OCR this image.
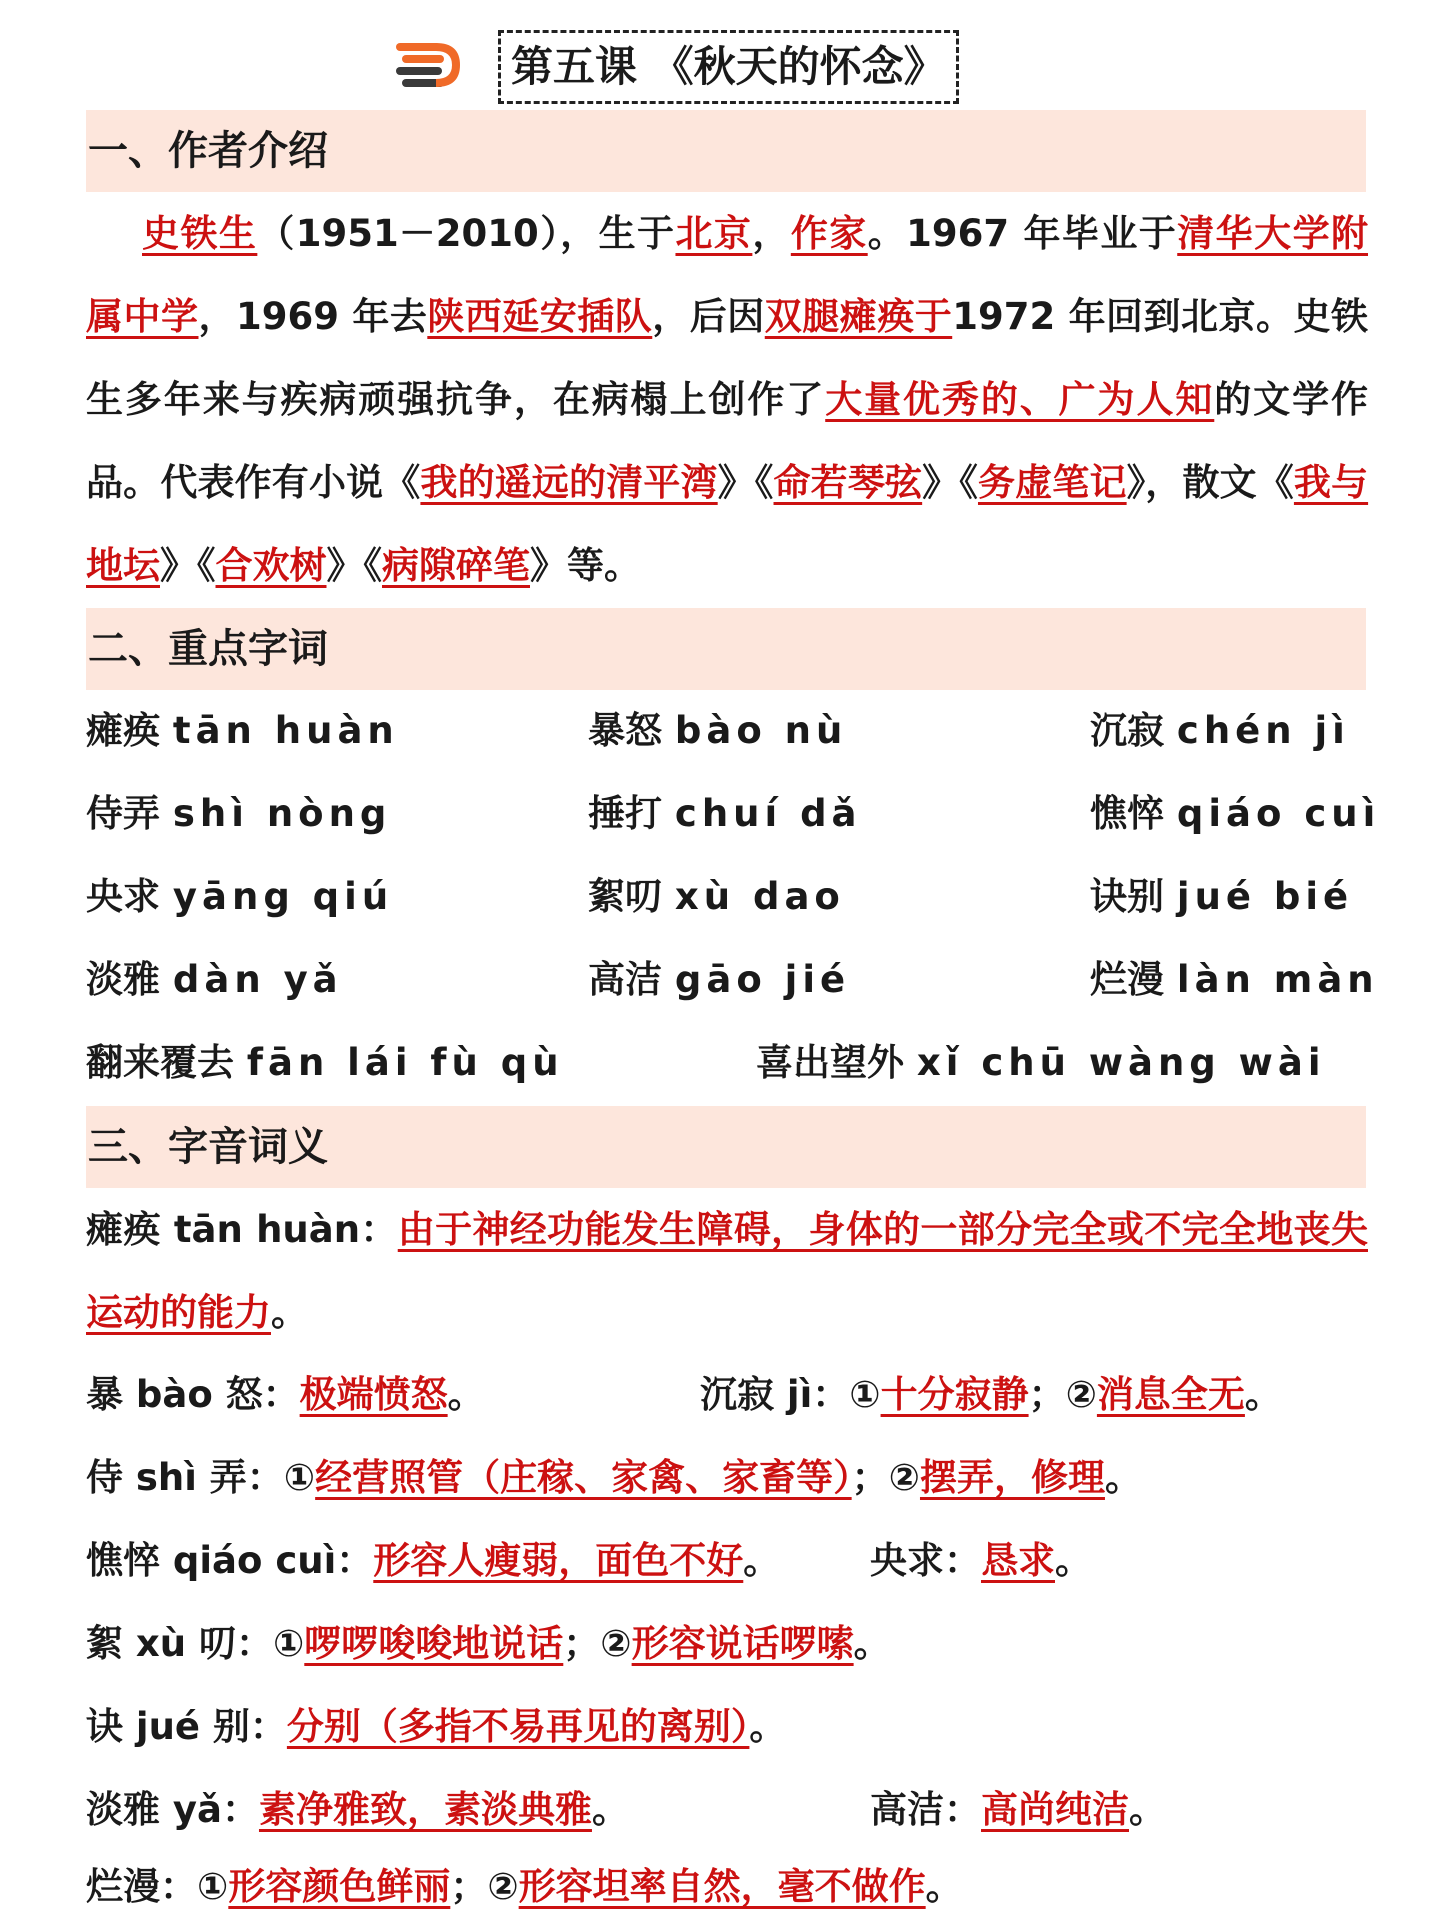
第五课 《秋天的怀念》
一、作者介绍
史铁生（1951－2010），生于北京，作家。1967 年毕业于清华大学附属中学，1969 年去陕西延安插队，后因双腿瘫痪于1972 年回到北京。史铁生多年来与疾病顽强抗争，在病榻上创作了大量优秀的、广为人知的文学作品。代表作有小说《我的遥远的清平湾》《命若琴弦》《务虚笔记》，散文《我与地坛》《合欢树》《病隙碎笔》等。
二、重点字词
瘫痪 tān huàn	暴怒 bào nù	沉寂 chén jì
侍弄 shì nòng	捶打 chuí dǎ	憔悴 qiáo cuì
央求 yāng qiú	絮叨 xù dao	诀别 jué bié
淡雅 dàn yǎ	高洁 gāo jié	烂漫 làn màn
翻来覆去 fān lái fù qù	喜出望外 xǐ chū wàng wài
三、字音词义
瘫痪 tān huàn：由于神经功能发生障碍，身体的一部分完全或不完全地丧失运动的能力。
暴 bào 怒：极端愤怒。	沉寂 jì：①十分寂静；②消息全无。
侍 shì 弄：①经营照管（庄稼、家禽、家畜等）；②摆弄，修理。
憔悴 qiáo cuì：形容人瘦弱，面色不好。 央求：恳求。
絮 xù 叨：①啰啰唆唆地说话；②形容说话啰嗦。
诀 jué 别：分别（多指不易再见的离别）。
淡雅 yǎ：素净雅致，素淡典雅。	高洁：高尚纯洁。
烂漫：①形容颜色鲜丽；②形容坦率自然，毫不做作。
